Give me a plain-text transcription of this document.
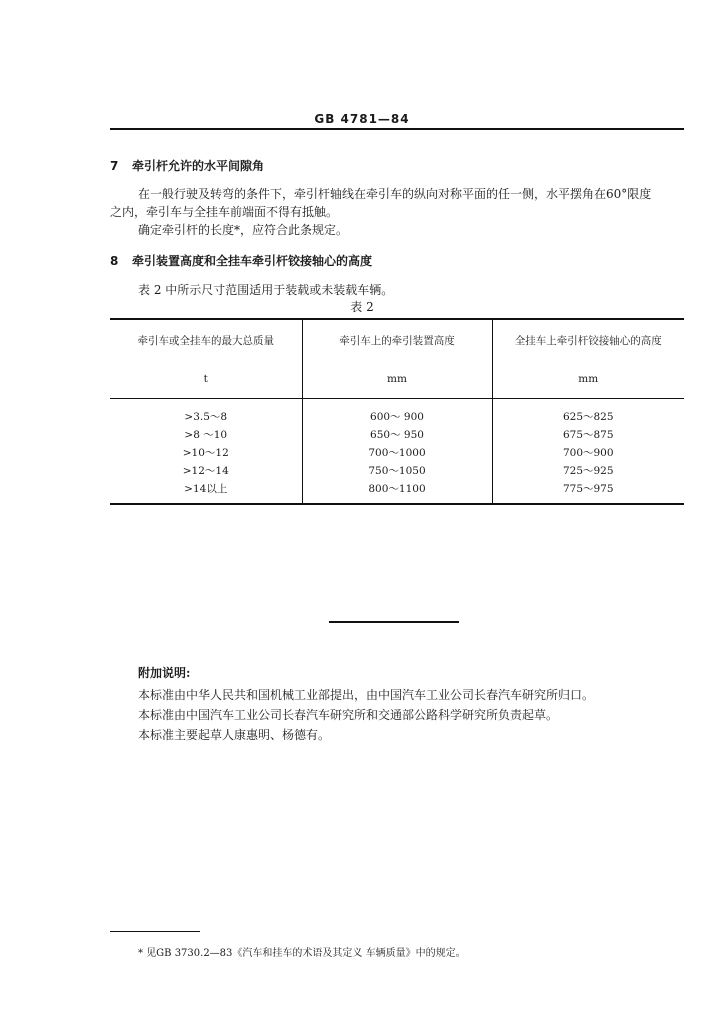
GB 4781—84
7 牵引杆允许的水平间隙角
在一般行驶及转弯的条件下，牵引杆轴线在牵引车的纵向对称平面的任一侧，水平摆角在60°限度
之内，牵引车与全挂车前端面不得有抵触。
确定牵引杆的长度*，应符合此条规定。
8 牵引装置高度和全挂车牵引杆铰接轴心的高度
表 2 中所示尺寸范围适用于装载或未装载车辆。
表 2
牵引车或全挂车的最大总质量	牵引车上的牵引装置高度	全挂车上牵引杆铰接轴心的高度
t	mm	mm
>3.5～8	600～ 900	625～825
>8 ～10	650～ 950	675～875
>10～12	700～1000	700～900
>12～14	750～1050	725～925
>14以上	800～1100	775～975
附加说明:
本标准由中华人民共和国机械工业部提出，由中国汽车工业公司长春汽车研究所归口。
本标准由中国汽车工业公司长春汽车研究所和交通部公路科学研究所负责起草。
本标准主要起草人康惠明、杨德有。
* 见GB 3730.2—83《汽车和挂车的术语及其定义 车辆质量》中的规定。
